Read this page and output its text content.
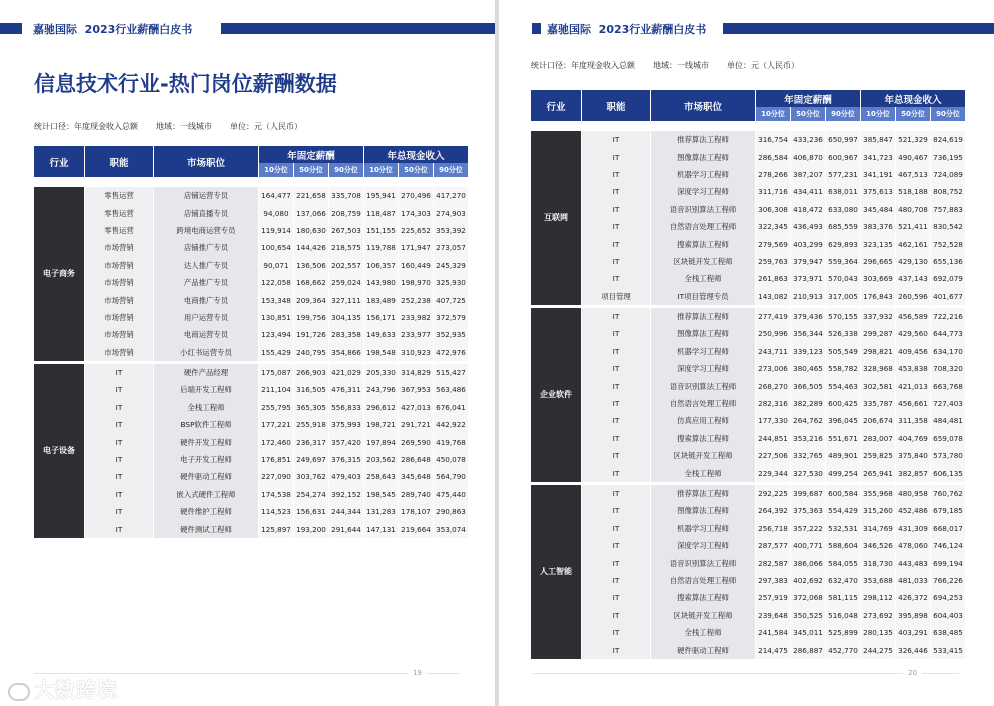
嘉驰国际 2023行业薪酬白皮书
信息技术行业-热门岗位薪酬数据
统计口径：年度现金收入总额 地域：一线城市 单位：元（人民币）
行业	职能	市场职位	年固定薪酬			年总现金收入		
			10分位	50分位	90分位	10分位	50分位	90分位

电子商务	零售运营	店铺运营专员	164,477	221,658	335,708	195,941	270,496	417,270
	零售运营	店铺直播专员	94,080	137,066	208,759	118,487	174,303	274,903
	零售运营	跨境电商运营专员	119,914	180,630	267,503	151,155	225,652	353,392
	市场营销	店铺推广专员	100,654	144,426	218,575	119,788	171,947	273,057
	市场营销	达人推广专员	90,071	136,506	202,557	106,357	160,449	245,329
	市场营销	产品推广专员	122,058	168,662	259,024	143,980	198,970	325,930
	市场营销	电商推广专员	153,348	209,364	327,111	183,489	252,238	407,725
	市场营销	用户运营专员	130,851	199,756	304,135	156,171	233,982	372,579
	市场营销	电商运营专员	123,494	191,726	283,358	149,633	233,977	352,935
	市场营销	小红书运营专员	155,429	240,795	354,866	198,548	310,923	472,976

电子设备	IT	硬件产品经理	175,087	266,903	421,029	205,330	314,829	515,427
	IT	后端开发工程师	211,104	316,505	476,311	243,796	367,953	563,486
	IT	全栈工程师	255,795	365,305	556,833	296,612	427,013	676,041
	IT	BSP软件工程师	177,221	255,918	375,993	198,721	291,721	442,922
	IT	硬件开发工程师	172,460	236,317	357,420	197,894	269,590	419,768
	IT	电子开发工程师	176,851	249,697	376,315	203,562	286,648	450,078
	IT	硬件驱动工程师	227,090	303,762	479,403	258,643	345,648	564,790
	IT	嵌入式硬件工程师	174,538	254,274	392,152	198,545	289,740	475,440
	IT	硬件维护工程师	114,523	156,631	244,344	131,283	178,107	290,863
	IT	硬件测试工程师	125,897	193,200	291,644	147,131	219,664	353,074
19
大数跨境
嘉驰国际 2023行业薪酬白皮书
统计口径：年度现金收入总额 地域：一线城市 单位：元（人民币）
行业	职能	市场职位	年固定薪酬			年总现金收入		
			10分位	50分位	90分位	10分位	50分位	90分位

互联网	IT	推荐算法工程师	316,754	433,236	650,997	385,847	521,329	824,619
	IT	图像算法工程师	286,584	406,870	600,967	341,723	490,467	736,195
	IT	机器学习工程师	278,266	387,207	577,231	341,191	467,513	724,089
	IT	深度学习工程师	311,716	434,411	638,011	375,613	518,188	808,752
	IT	语音识别算法工程师	306,308	418,472	633,080	345,484	480,708	757,883
	IT	自然语言处理工程师	322,345	436,493	685,559	383,376	521,411	830,542
	IT	搜索算法工程师	279,569	403,299	629,893	323,135	462,161	752,528
	IT	区块链开发工程师	259,763	379,947	559,364	296,665	429,130	655,136
	IT	全栈工程师	261,863	373,971	570,043	303,669	437,143	692,079
	项目管理	IT项目管理专员	143,082	210,913	317,005	176,843	260,596	401,677

企业软件	IT	推荐算法工程师	277,419	379,436	570,155	337,932	456,589	722,216
	IT	图像算法工程师	250,996	356,344	526,338	299,287	429,560	644,773
	IT	机器学习工程师	243,711	339,123	505,549	298,821	409,456	634,170
	IT	深度学习工程师	273,006	380,465	558,782	328,968	453,838	708,320
	IT	语音识别算法工程师	268,270	366,505	554,463	302,581	421,013	663,768
	IT	自然语言处理工程师	282,316	382,289	600,425	335,787	456,661	727,403
	IT	仿真应用工程师	177,330	264,762	396,045	206,674	311,358	484,481
	IT	搜索算法工程师	244,851	353,216	551,671	283,007	404,769	659,078
	IT	区块链开发工程师	227,506	332,765	489,901	259,825	375,840	573,780
	IT	全栈工程师	229,344	327,530	499,254	265,941	382,857	606,135

人工智能	IT	推荐算法工程师	292,225	399,687	600,584	355,968	480,958	760,762
	IT	图像算法工程师	264,392	375,363	554,429	315,260	452,486	679,185
	IT	机器学习工程师	256,718	357,222	532,531	314,769	431,309	668,017
	IT	深度学习工程师	287,577	400,771	588,604	346,526	478,060	746,124
	IT	语音识别算法工程师	282,587	386,066	584,055	318,730	443,483	699,194
	IT	自然语言处理工程师	297,383	402,692	632,470	353,688	481,033	766,226
	IT	搜索算法工程师	257,919	372,068	581,115	298,112	426,372	694,253
	IT	区块链开发工程师	239,648	350,525	516,048	273,692	395,898	604,403
	IT	全栈工程师	241,584	345,011	525,899	280,135	403,291	638,485
	IT	硬件驱动工程师	214,475	286,887	452,770	244,275	326,446	533,415
20
